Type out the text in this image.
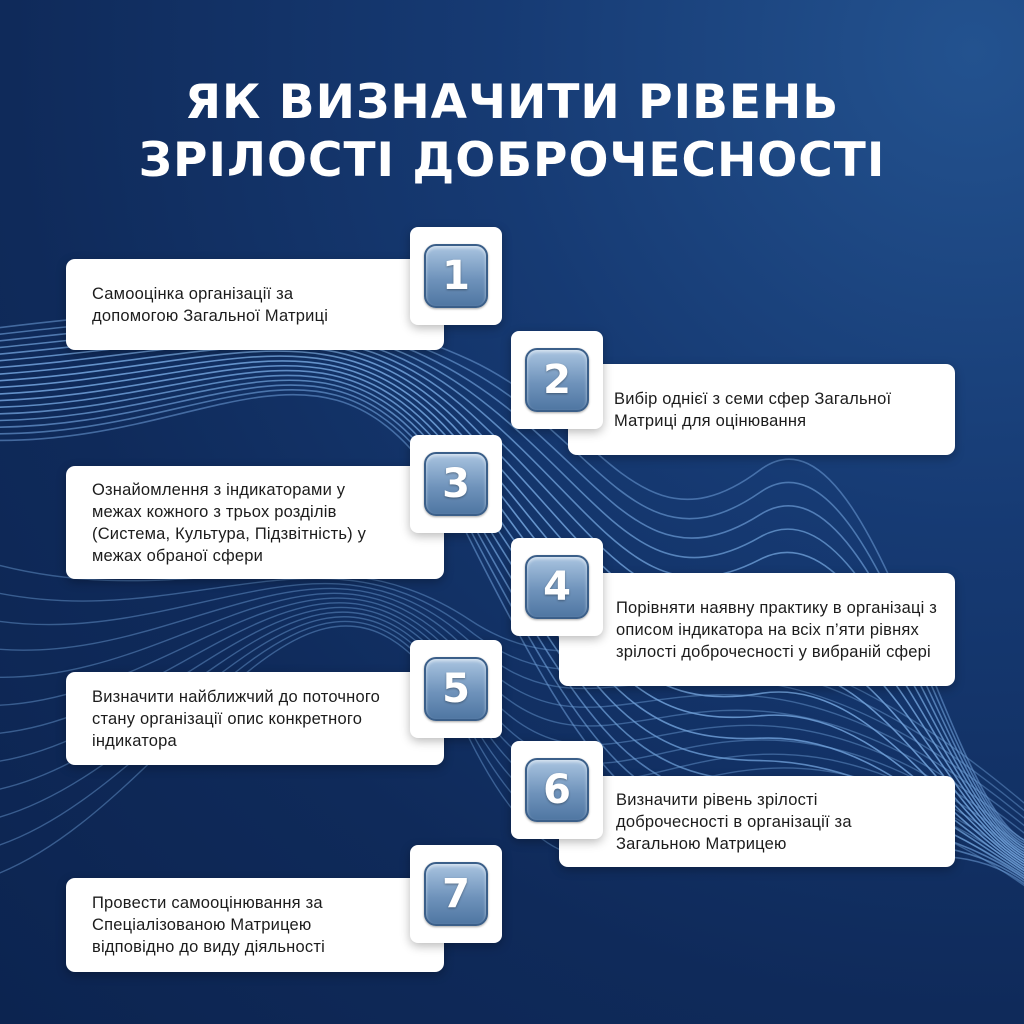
ЯК ВИЗНАЧИТИ РІВЕНЬ
ЗРІЛОСТІ ДОБРОЧЕСНОСТІ
Самооцінка організації за допомогою Загальної Матриці
1
Вибір однієї з семи сфер Загальної Матриці для оцінювання
2
Ознайомлення з індикаторами у межах кожного з трьох розділів (Система, Культура, Підзвітність) у межах обраної сфери
3
Порівняти наявну практику в організаці з описом індикатора на всіх п’яти рівнях зрілості доброчесності у вибраній сфері
4
Визначити найближчий до поточного стану організації опис конкретного індикатора
5
Визначити рівень зрілості доброчесності в організації за Загальною Матрицею
6
Провести самооцінювання за Спеціалізованою Матрицею відповідно до виду діяльності
7
